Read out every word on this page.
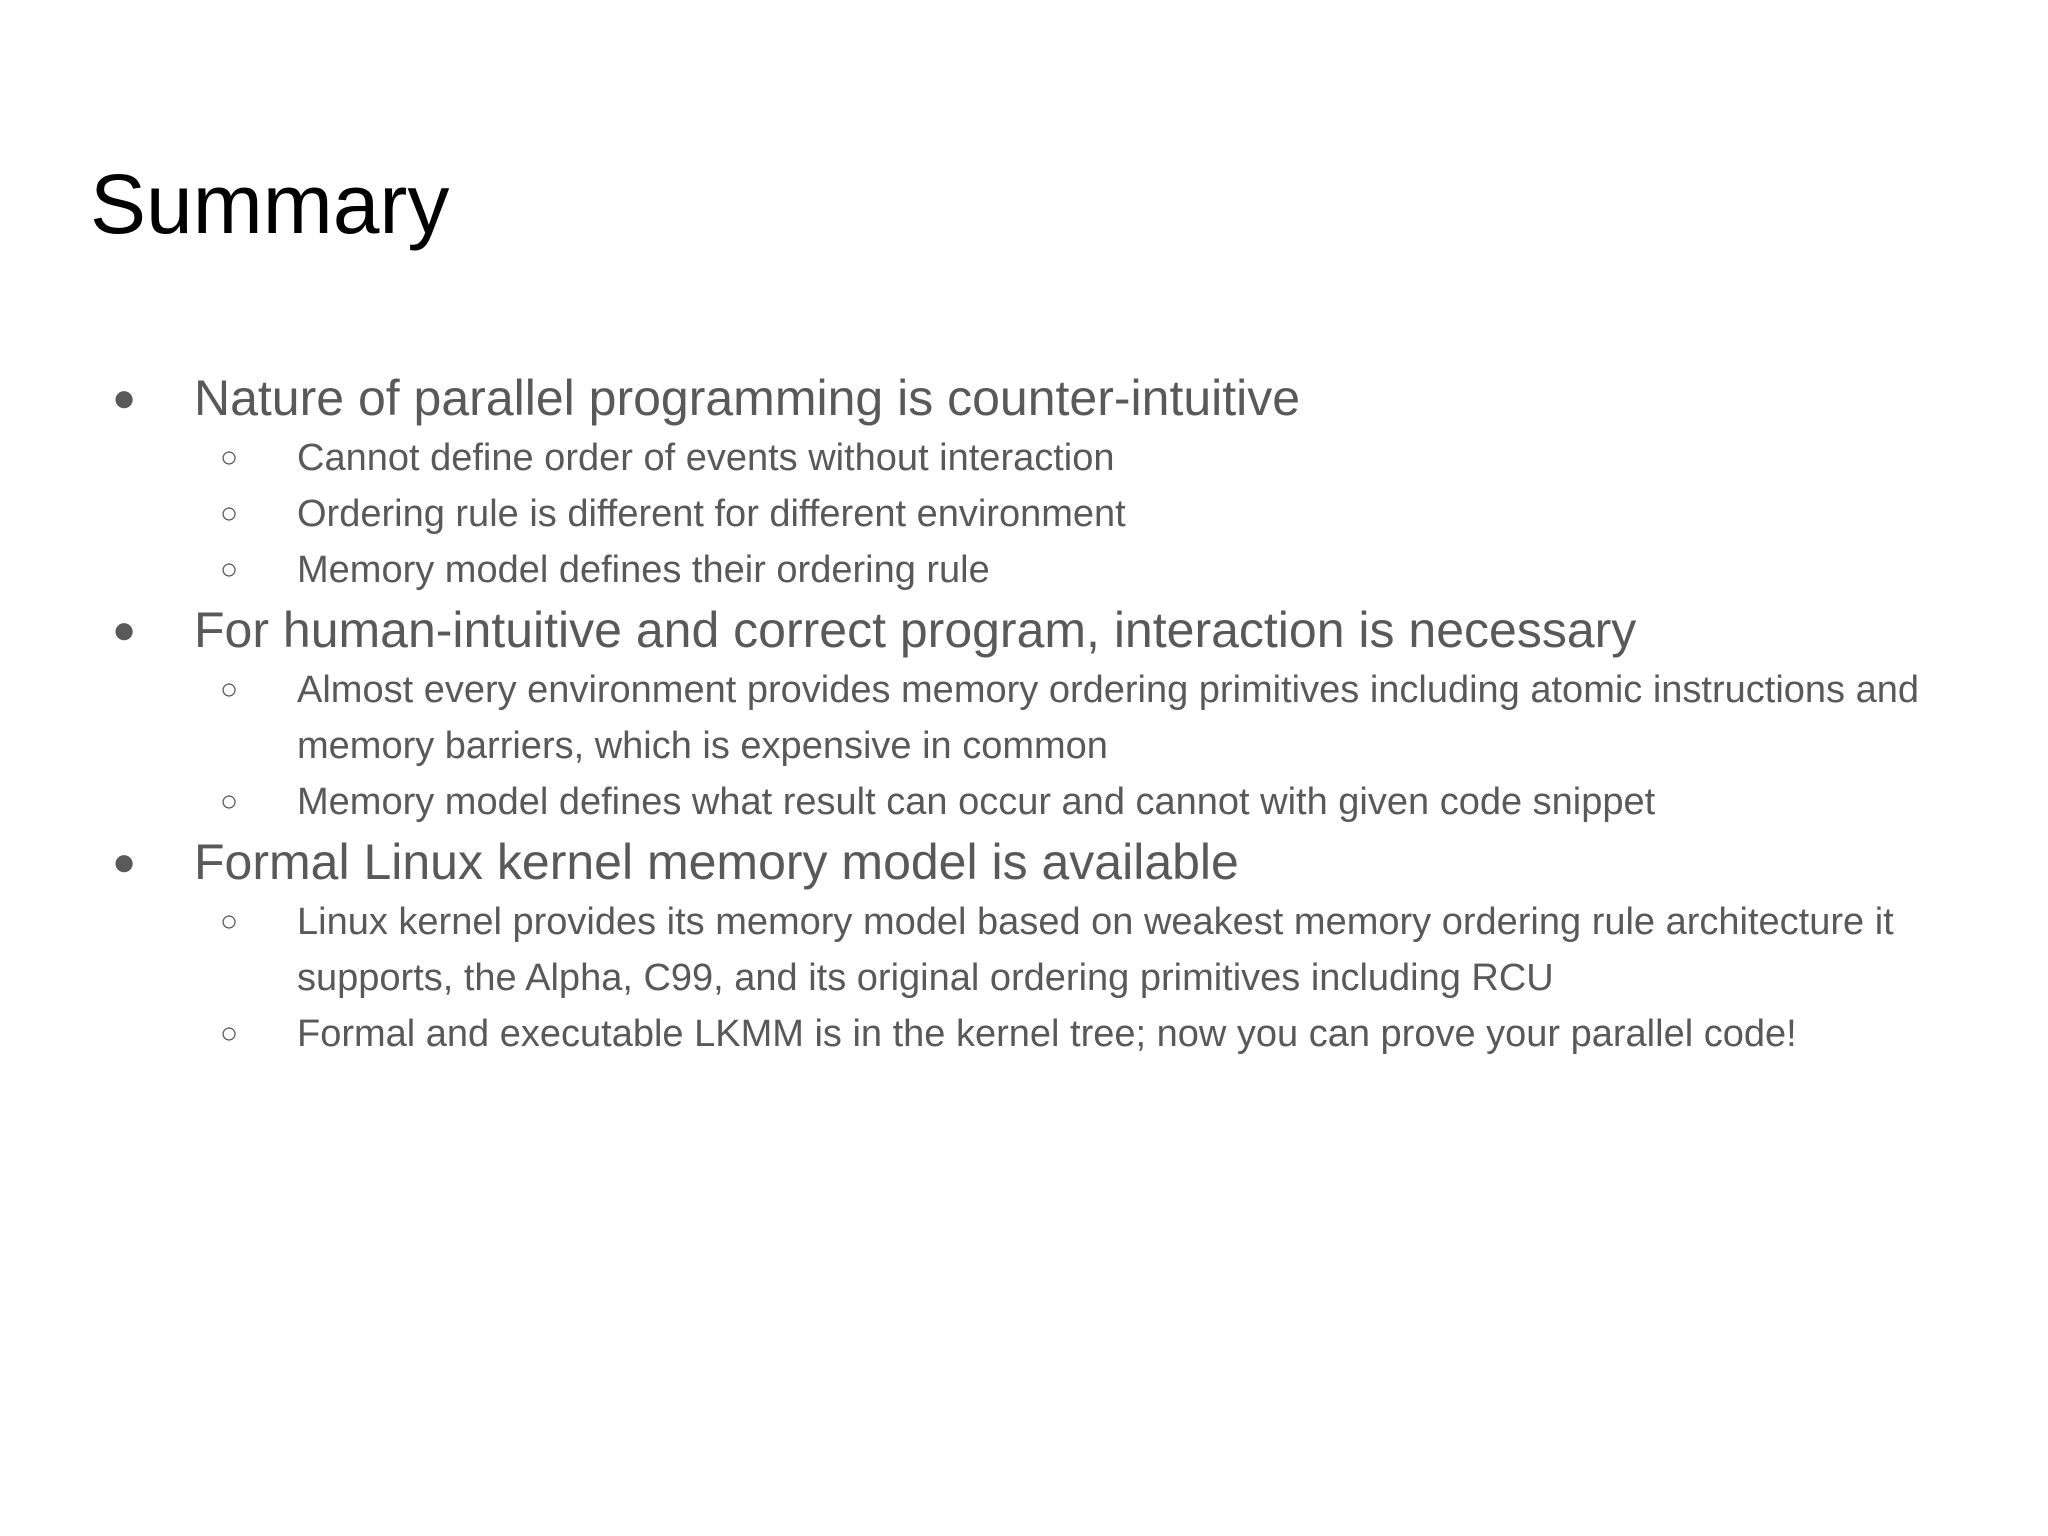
Summary
● Nature of parallel programming is counter-intuitive
○ Cannot define order of events without interaction
○ Ordering rule is different for different environment
○ Memory model defines their ordering rule
● For human-intuitive and correct program, interaction is necessary
○ Almost every environment provides memory ordering primitives including atomic instructions and memory barriers, which is expensive in common
○ Memory model defines what result can occur and cannot with given code snippet
● Formal Linux kernel memory model is available
○ Linux kernel provides its memory model based on weakest memory ordering rule architecture it supports, the Alpha, C99, and its original ordering primitives including RCU
○ Formal and executable LKMM is in the kernel tree; now you can prove your parallel code!
